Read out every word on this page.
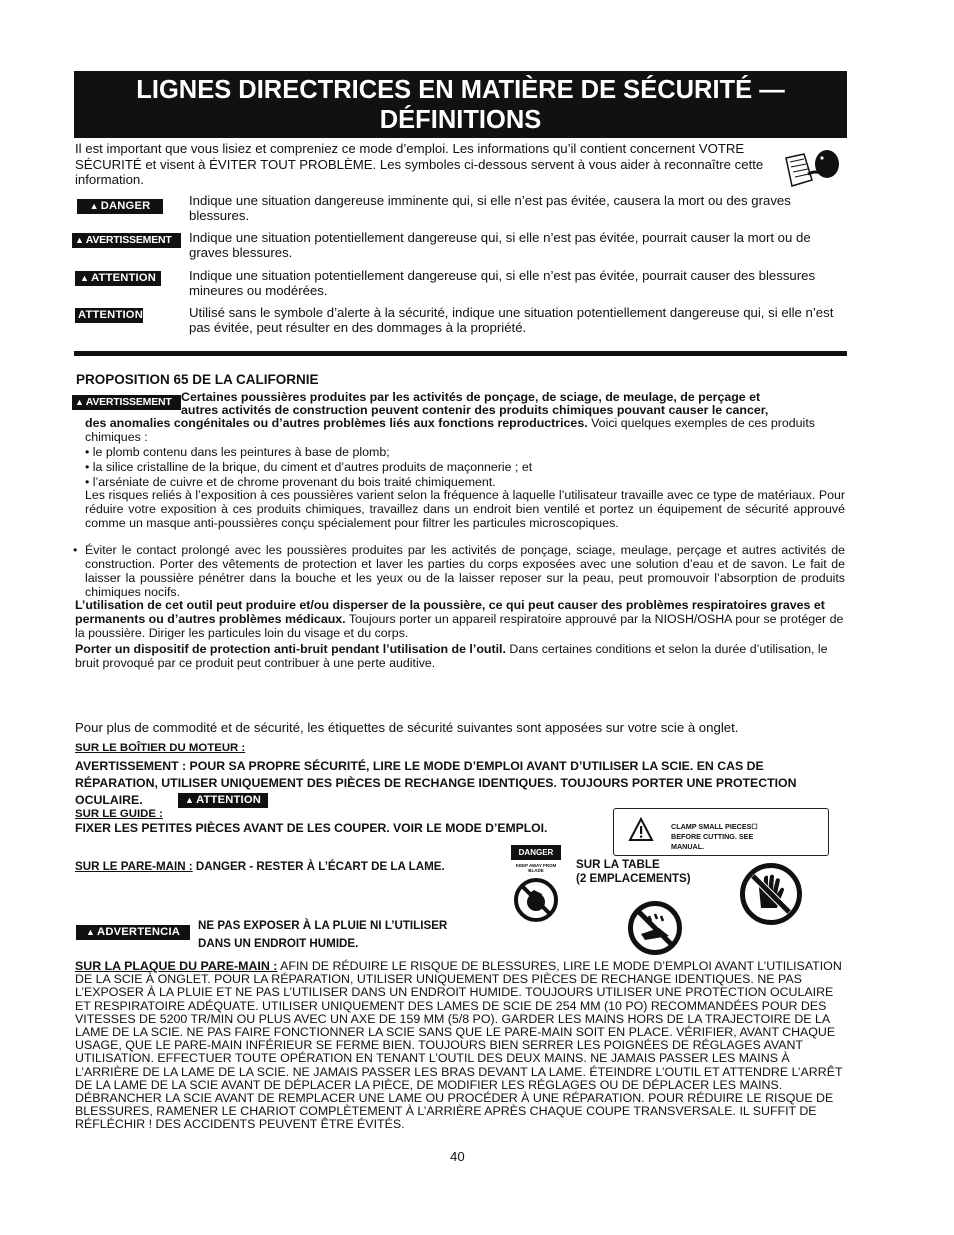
LIGNES DIRECTRICES EN MATIÈRE DE SÉCURITÉ —
DÉFINITIONS
Il est important que vous lisiez et compreniez ce mode d’emploi. Les informations qu’il contient concernent VOTRE SÉCURITÉ et visent à ÉVITER TOUT PROBLÈME. Les symboles ci-dessous servent à vous aider à reconnaître cette information.
▲ DANGER	Indique une situation dangereuse imminente qui, si elle n’est pas évitée, causera la mort ou des graves blessures.
▲ AVERTISSEMENT	Indique une situation potentiellement dangereuse qui, si elle n’est pas évitée, pourrait causer la mort ou de graves blessures.
▲ ATTENTION	Indique une situation potentiellement dangereuse qui, si elle n’est pas évitée, pourrait causer des blessures mineures ou modérées.
ATTENTION	Utilisé sans le symbole d’alerte à la sécurité, indique une situation potentiellement dangereuse qui, si elle n’est pas évitée, peut résulter en des dommages à la propriété.
PROPOSITION 65 DE LA CALIFORNIE
▲ AVERTISSEMENT Certaines poussières produites par les activités de ponçage, de sciage, de meulage, de perçage et
autres activités de construction peuvent contenir des produits chimiques pouvant causer le cancer,
des anomalies congénitales ou d’autres problèmes liés aux fonctions reproductrices. Voici quelques exemples de ces produits chimiques :
• le plomb contenu dans les peintures à base de plomb;
• la silice cristalline de la brique, du ciment et d’autres produits de maçonnerie ; et
• l’arséniate de cuivre et de chrome provenant du bois traité chimiquement.
Les risques reliés à l’exposition à ces poussières varient selon la fréquence à laquelle l’utilisateur travaille avec ce type de matériaux. Pour réduire votre exposition à ces produits chimiques, travaillez dans un endroit bien ventilé et portez un équipement de sécurité approuvé comme un masque anti-poussières conçu spécialement pour filtrer les particules microscopiques.
• Éviter le contact prolongé avec les poussières produites par les activités de ponçage, sciage, meulage, perçage et autres activités de construction. Porter des vêtements de protection et laver les parties du corps exposées avec une solution d’eau et de savon. Le fait de laisser la poussière pénétrer dans la bouche et les yeux ou de la laisser reposer sur la peau, peut promouvoir l’absorption de produits chimiques nocifs.
L’utilisation de cet outil peut produire et/ou disperser de la poussière, ce qui peut causer des problèmes respiratoires graves et permanents ou d’autres problèmes médicaux. Toujours porter un appareil respiratoire approuvé par la NIOSH/OSHA pour se protéger de la poussière. Diriger les particules loin du visage et du corps.
Porter un dispositif de protection anti-bruit pendant l’utilisation de l’outil. Dans certaines conditions et selon la durée d’utilisation, le bruit provoqué par ce produit peut contribuer à une perte auditive.
Pour plus de commodité et de sécurité, les étiquettes de sécurité suivantes sont apposées sur votre scie à onglet.
SUR LE BOÎTIER DU MOTEUR :
AVERTISSEMENT : POUR SA PROPRE SÉCURITÉ, LIRE LE MODE D’EMPLOI AVANT D’UTILISER LA SCIE. EN CAS DE RÉPARATION, UTILISER UNIQUEMENT DES PIÈCES DE RECHANGE IDENTIQUES. TOUJOURS PORTER UNE PROTECTION OCULAIRE.	▲ ATTENTION
SUR LE GUIDE :
FIXER LES PETITES PIÈCES AVANT DE LES COUPER. VOIR LE MODE D’EMPLOI.	CLAMP SMALL PIECES☐ BEFORE CUTTING. SEE MANUAL.
SUR LE PARE-MAIN : DANGER - RESTER À L’ÉCART DE LA LAME.
DANGER
KEEP AWAY FROM BLADE	SUR LA TABLE
(2 EMPLACEMENTS)
▲ ADVERTENCIA	NE PAS EXPOSER À LA PLUIE NI L’UTILISER
DANS UN ENDROIT HUMIDE.
SUR LA PLAQUE DU PARE-MAIN : AFIN DE RÉDUIRE LE RISQUE DE BLESSURES, LIRE LE MODE D’EMPLOI AVANT L’UTILISATION DE LA SCIE À ONGLET. POUR LA RÉPARATION, UTILISER UNIQUEMENT DES PIÈCES DE RECHANGE IDENTIQUES. NE PAS L’EXPOSER À LA PLUIE ET NE PAS L’UTILISER DANS UN ENDROIT HUMIDE. TOUJOURS UTILISER UNE PROTECTION OCULAIRE ET RESPIRATOIRE ADÉQUATE. UTILISER UNIQUEMENT DES LAMES DE SCIE DE 254 MM (10 PO) RECOMMANDÉES POUR DES VITESSES DE 5200 TR/MIN OU PLUS AVEC UN AXE DE 159 MM (5/8 PO). GARDER LES MAINS HORS DE LA TRAJECTOIRE DE LA LAME DE LA SCIE. NE PAS FAIRE FONCTIONNER LA SCIE SANS QUE LE PARE-MAIN SOIT EN PLACE. VÉRIFIER, AVANT CHAQUE USAGE, QUE LE PARE-MAIN INFÉRIEUR SE FERME BIEN. TOUJOURS BIEN SERRER LES POIGNÉES DE RÉGLAGES AVANT UTILISATION. EFFECTUER TOUTE OPÉRATION EN TENANT L’OUTIL DES DEUX MAINS. NE JAMAIS PASSER LES MAINS À L’ARRIÈRE DE LA LAME DE LA SCIE. NE JAMAIS PASSER LES BRAS DEVANT LA LAME. ÉTEINDRE L’OUTIL ET ATTENDRE L’ARRÊT DE LA LAME DE LA SCIE AVANT DE DÉPLACER LA PIÈCE, DE MODIFIER LES RÉGLAGES OU DE DÉPLACER LES MAINS. DÉBRANCHER LA SCIE AVANT DE REMPLACER UNE LAME OU PROCÉDER À UNE RÉPARATION. POUR RÉDUIRE LE RISQUE DE BLESSURES, RAMENER LE CHARIOT COMPLÈTEMENT À L’ARRIÈRE APRÈS CHAQUE COUPE TRANSVERSALE. IL SUFFIT DE RÉFLÉCHIR ! DES ACCIDENTS PEUVENT ÊTRE ÉVITÉS.
40
